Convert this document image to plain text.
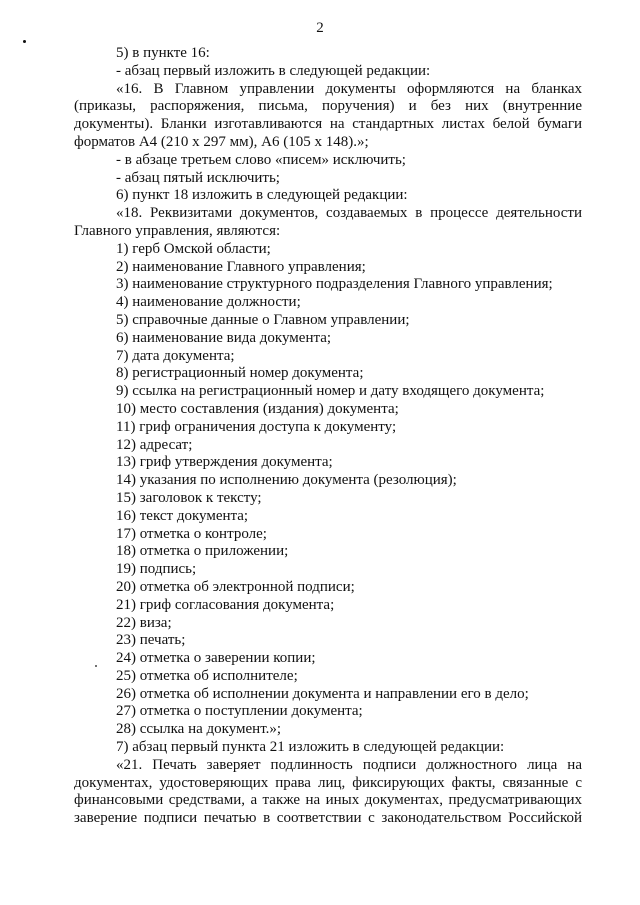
2
5) в пункте 16:
- абзац первый изложить в следующей редакции:
«16. В Главном управлении документы оформляются на бланках
(приказы, распоряжения, письма, поручения) и без них (внутренние
документы). Бланки изготавливаются на стандартных листах белой бумаги
форматов А4 (210 х 297 мм), А6 (105 х 148).»;
- в абзаце третьем слово «писем» исключить;
- абзац пятый исключить;
6) пункт 18 изложить в следующей редакции:
«18. Реквизитами документов, создаваемых в процессе деятельности
Главного управления, являются:
1) герб Омской области;
2) наименование Главного управления;
3) наименование структурного подразделения Главного управления;
4) наименование должности;
5) справочные данные о Главном управлении;
6) наименование вида документа;
7) дата документа;
8) регистрационный номер документа;
9) ссылка на регистрационный номер и дату входящего документа;
10) место составления (издания) документа;
11) гриф ограничения доступа к документу;
12) адресат;
13) гриф утверждения документа;
14) указания по исполнению документа (резолюция);
15) заголовок к тексту;
16) текст документа;
17) отметка о контроле;
18) отметка о приложении;
19) подпись;
20) отметка об электронной подписи;
21) гриф согласования документа;
22) виза;
23) печать;
24) отметка о заверении копии;
25) отметка об исполнителе;
26) отметка об исполнении документа и направлении его в дело;
27) отметка о поступлении документа;
28) ссылка на документ.»;
7) абзац первый пункта 21 изложить в следующей редакции:
«21. Печать заверяет подлинность подписи должностного лица на
документах, удостоверяющих права лиц, фиксирующих факты, связанные с
финансовыми средствами, а также на иных документах, предусматривающих
заверение подписи печатью в соответствии с законодательством Российской
